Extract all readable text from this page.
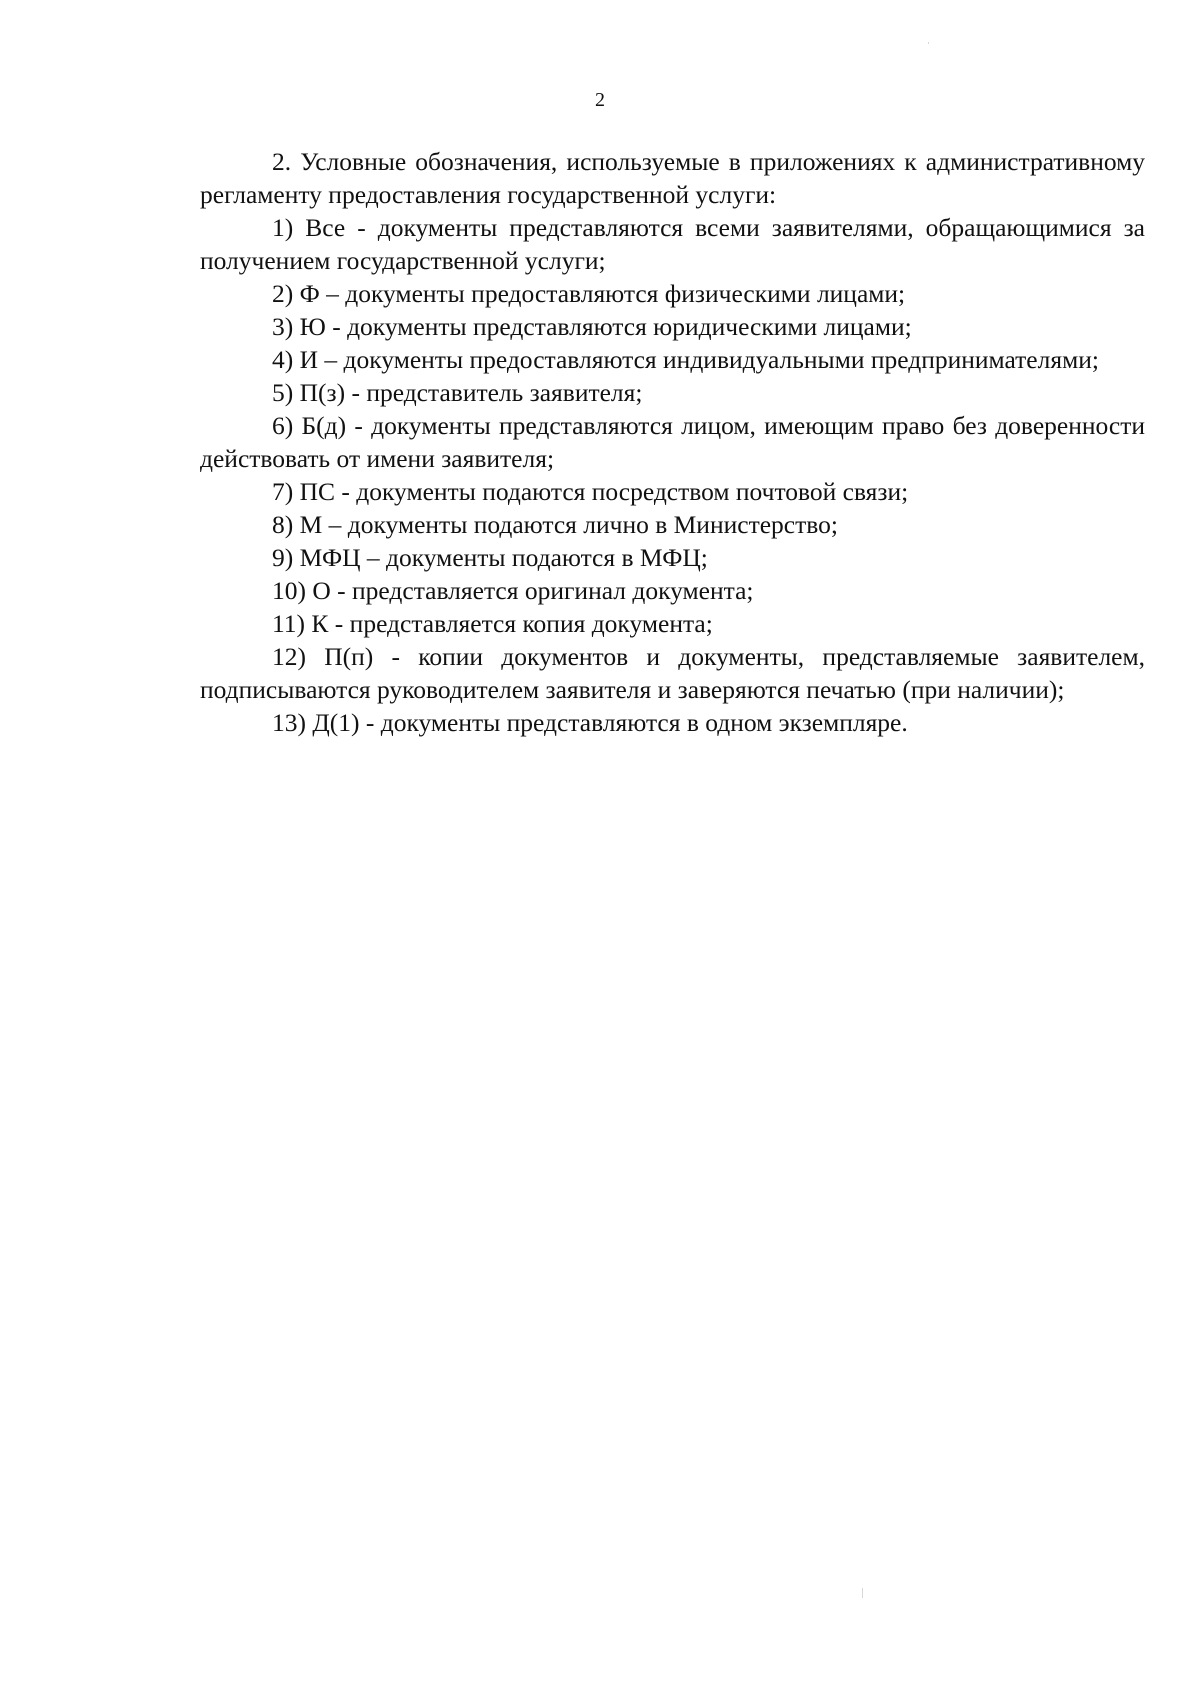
2

2. Условные обозначения, используемые в приложениях к административному регламенту предоставления государственной услуги:

1) Все - документы представляются всеми заявителями, обращающимися за получением государственной услуги;

2) Ф – документы предоставляются физическими лицами;

3) Ю - документы представляются юридическими лицами;

4) И – документы предоставляются индивидуальными предпринимателями;

5) П(з) - представитель заявителя;

6) Б(д) - документы представляются лицом, имеющим право без доверенности действовать от имени заявителя;

7) ПС - документы подаются посредством почтовой связи;

8) М – документы подаются лично в Министерство;

9) МФЦ – документы подаются в МФЦ;

10) О - представляется оригинал документа;

11) К - представляется копия документа;

12) П(п) - копии документов и документы, представляемые заявителем, подписываются руководителем заявителя и заверяются печатью (при наличии);

13) Д(1) - документы представляются в одном экземпляре.
